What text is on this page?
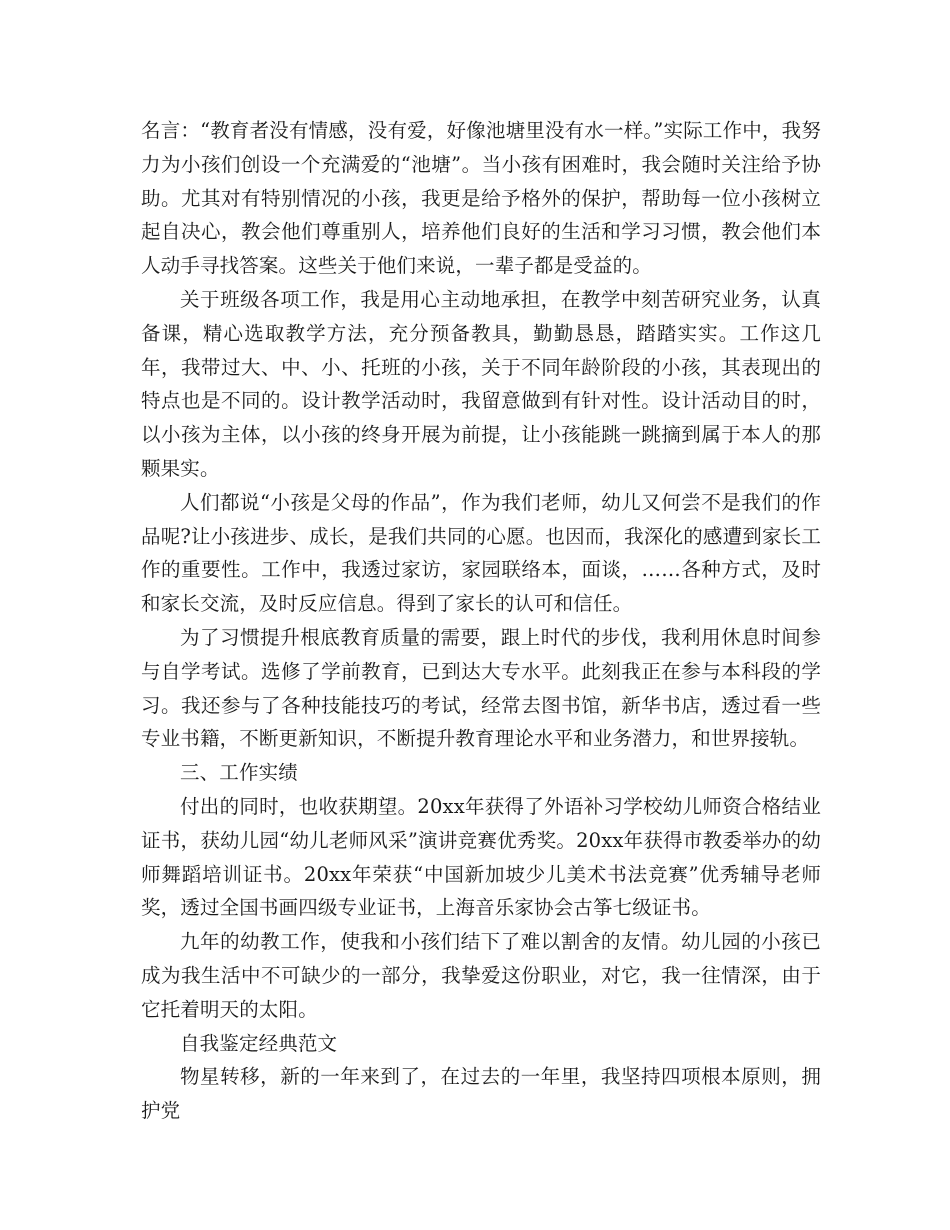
名言：“教育者没有情感，没有爱，好像池塘里没有水一样。”实际工作中，我努力为小孩们创设一个充满爱的“池塘”。当小孩有困难时，我会随时关注给予协助。尤其对有特别情况的小孩，我更是给予格外的保护，帮助每一位小孩树立起自决心，教会他们尊重别人，培养他们良好的生活和学习习惯，教会他们本人动手寻找答案。这些关于他们来说，一辈子都是受益的。

关于班级各项工作，我是用心主动地承担，在教学中刻苦研究业务，认真备课，精心选取教学方法，充分预备教具，勤勤恳恳，踏踏实实。工作这几年，我带过大、中、小、托班的小孩，关于不同年龄阶段的小孩，其表现出的特点也是不同的。设计教学活动时，我留意做到有针对性。设计活动目的时，以小孩为主体，以小孩的终身开展为前提，让小孩能跳一跳摘到属于本人的那颗果实。

人们都说“小孩是父母的作品”，作为我们老师，幼儿又何尝不是我们的作品呢?让小孩进步、成长，是我们共同的心愿。也因而，我深化的感遭到家长工作的重要性。工作中，我透过家访，家园联络本，面谈，……各种方式，及时和家长交流，及时反应信息。得到了家长的认可和信任。

为了习惯提升根底教育质量的需要，跟上时代的步伐，我利用休息时间参与自学考试。选修了学前教育，已到达大专水平。此刻我正在参与本科段的学习。我还参与了各种技能技巧的考试，经常去图书馆，新华书店，透过看一些专业书籍，不断更新知识，不断提升教育理论水平和业务潜力，和世界接轨。

三、工作实绩

付出的同时，也收获期望。20xx年获得了外语补习学校幼儿师资合格结业证书，获幼儿园“幼儿老师风采”演讲竞赛优秀奖。20xx年获得市教委举办的幼师舞蹈培训证书。20xx年荣获“中国新加坡少儿美术书法竞赛”优秀辅导老师奖，透过全国书画四级专业证书，上海音乐家协会古筝七级证书。

九年的幼教工作，使我和小孩们结下了难以割舍的友情。幼儿园的小孩已成为我生活中不可缺少的一部分，我挚爱这份职业，对它，我一往情深，由于它托着明天的太阳。

自我鉴定经典范文

物星转移，新的一年来到了，在过去的一年里，我坚持四项根本原则，拥护党
